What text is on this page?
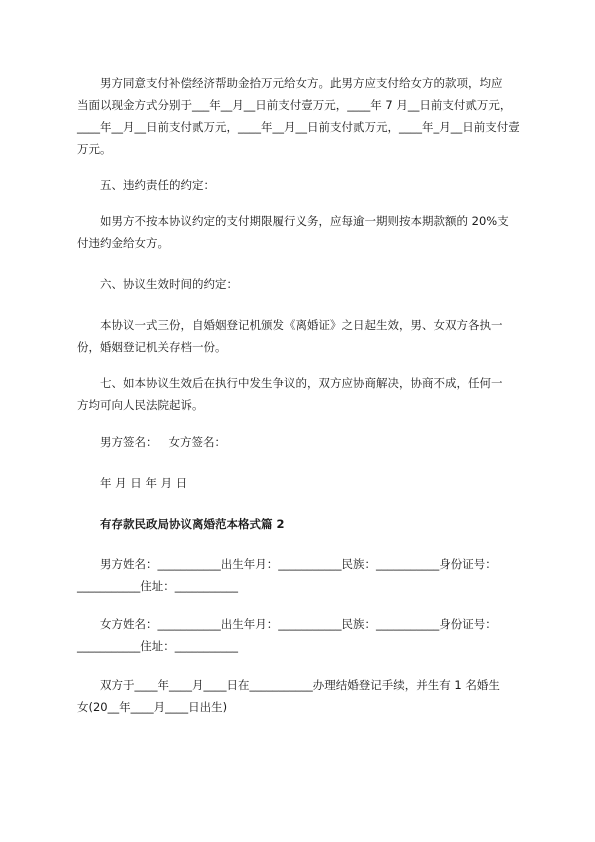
男方同意支付补偿经济帮助金拾万元给女方。此男方应支付给女方的款项，均应
当面以现金方式分别于___年__月__日前支付壹万元，____年 7 月__日前支付贰万元，
____年__月__日前支付贰万元，____年__月__日前支付贰万元，____年_月__日前支付壹
万元。
五、违约责任的约定：
如男方不按本协议约定的支付期限履行义务，应每逾一期则按本期款额的 20%支
付违约金给女方。
六、协议生效时间的约定：
本协议一式三份，自婚姻登记机颁发《离婚证》之日起生效，男、女双方各执一
份，婚姻登记机关存档一份。
七、如本协议生效后在执行中发生争议的，双方应协商解决，协商不成，任何一
方均可向人民法院起诉。
男方签名：   女方签名：
年 月 日 年 月 日
有存款民政局协议离婚范本格式篇 2
男方姓名：___________出生年月：___________民族：___________身份证号：
___________住址：___________
女方姓名：___________出生年月：___________民族：___________身份证号：
___________住址：___________
双方于____年____月____日在___________办理结婚登记手续，并生有 1 名婚生
女(20__年____月____日出生)
